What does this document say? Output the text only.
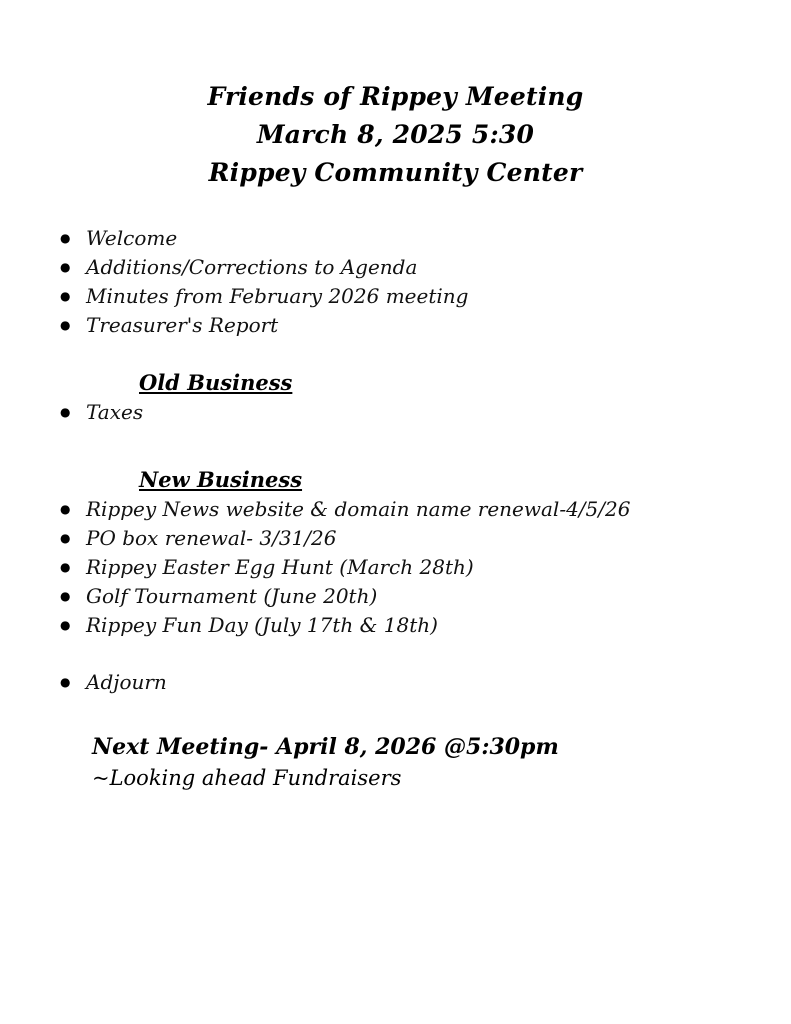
Friends of Rippey Meeting
March 8, 2025 5:30
Rippey Community Center
● Welcome
● Additions/Corrections to Agenda
● Minutes from February 2026 meeting
● Treasurer's Report
Old Business
● Taxes
New Business
● Rippey News website & domain name renewal-4/5/26
● PO box renewal- 3/31/26
● Rippey Easter Egg Hunt (March 28th)
● Golf Tournament (June 20th)
● Rippey Fun Day (July 17th & 18th)
● Adjourn
Next Meeting- April 8, 2026 @5:30pm
~Looking ahead Fundraisers
